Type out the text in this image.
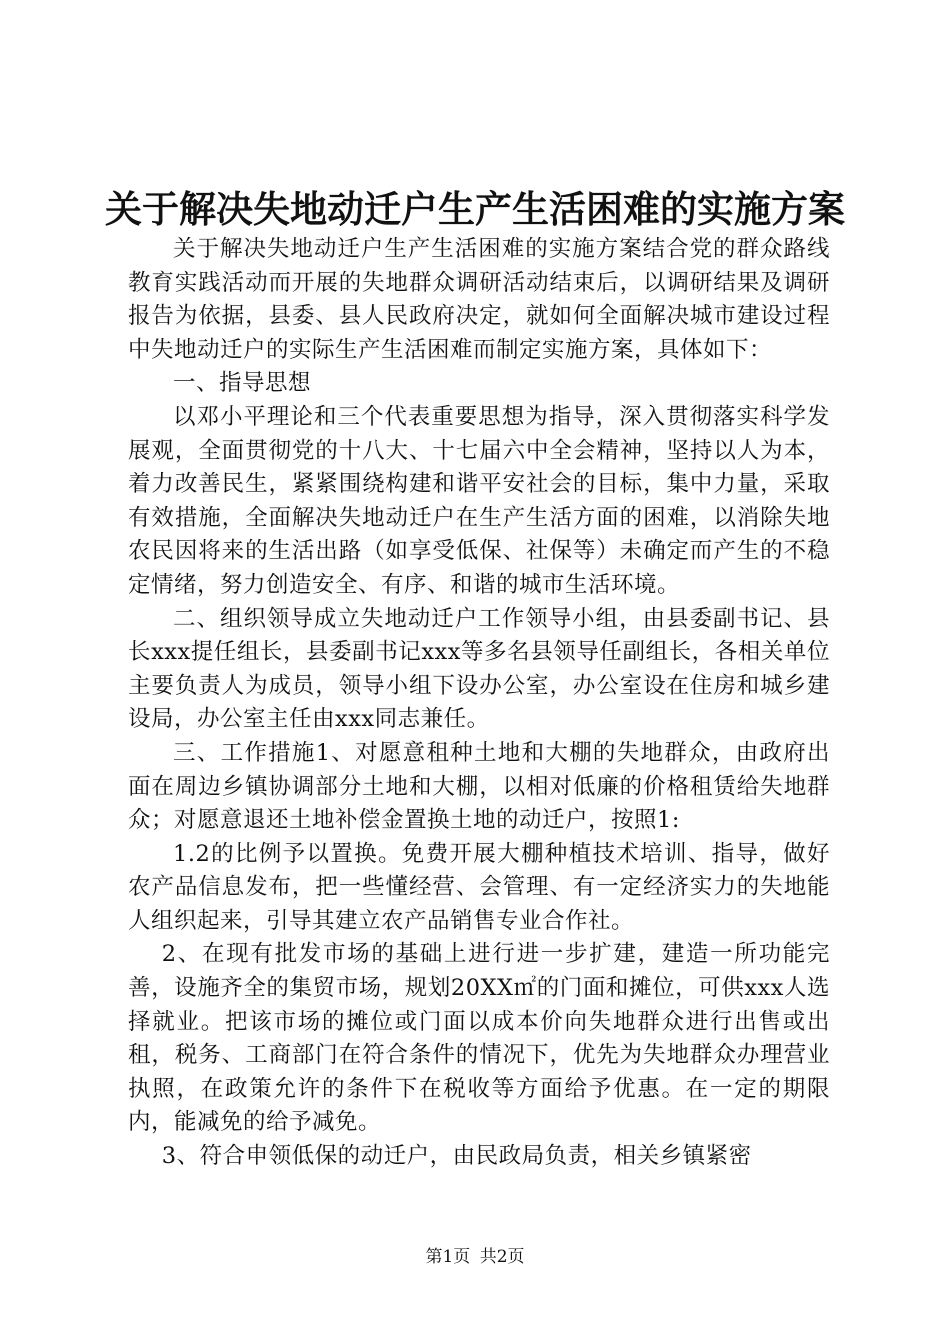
关于解决失地动迁户生产生活困难的实施方案

关于解决失地动迁户生产生活困难的实施方案结合党的群众路线教育实践活动而开展的失地群众调研活动结束后，以调研结果及调研报告为依据，县委、县人民政府决定，就如何全面解决城市建设过程中失地动迁户的实际生产生活困难而制定实施方案，具体如下：

一、指导思想

以邓小平理论和三个代表重要思想为指导，深入贯彻落实科学发展观，全面贯彻党的十八大、十七届六中全会精神，坚持以人为本，着力改善民生，紧紧围绕构建和谐平安社会的目标，集中力量，采取有效措施，全面解决失地动迁户在生产生活方面的困难，以消除失地农民因将来的生活出路（如享受低保、社保等）未确定而产生的不稳定情绪，努力创造安全、有序、和谐的城市生活环境。

二、组织领导成立失地动迁户工作领导小组，由县委副书记、县长xxx提任组长，县委副书记xxx等多名县领导任副组长，各相关单位主要负责人为成员，领导小组下设办公室，办公室设在住房和城乡建设局，办公室主任由xxx同志兼任。

三、工作措施1、对愿意租种土地和大棚的失地群众，由政府出面在周边乡镇协调部分土地和大棚，以相对低廉的价格租赁给失地群众；对愿意退还土地补偿金置换土地的动迁户，按照1:

1.2的比例予以置换。免费开展大棚种植技术培训、指导，做好农产品信息发布，把一些懂经营、会管理、有一定经济实力的失地能人组织起来，引导其建立农产品销售专业合作社。

2、在现有批发市场的基础上进行进一步扩建，建造一所功能完善，设施齐全的集贸市场，规划20XX㎡的门面和摊位，可供xxx人选择就业。把该市场的摊位或门面以成本价向失地群众进行出售或出租，税务、工商部门在符合条件的情况下，优先为失地群众办理营业执照，在政策允许的条件下在税收等方面给予优惠。在一定的期限内，能减免的给予减免。

3、符合申领低保的动迁户，由民政局负责，相关乡镇紧密

第1页 共2页
